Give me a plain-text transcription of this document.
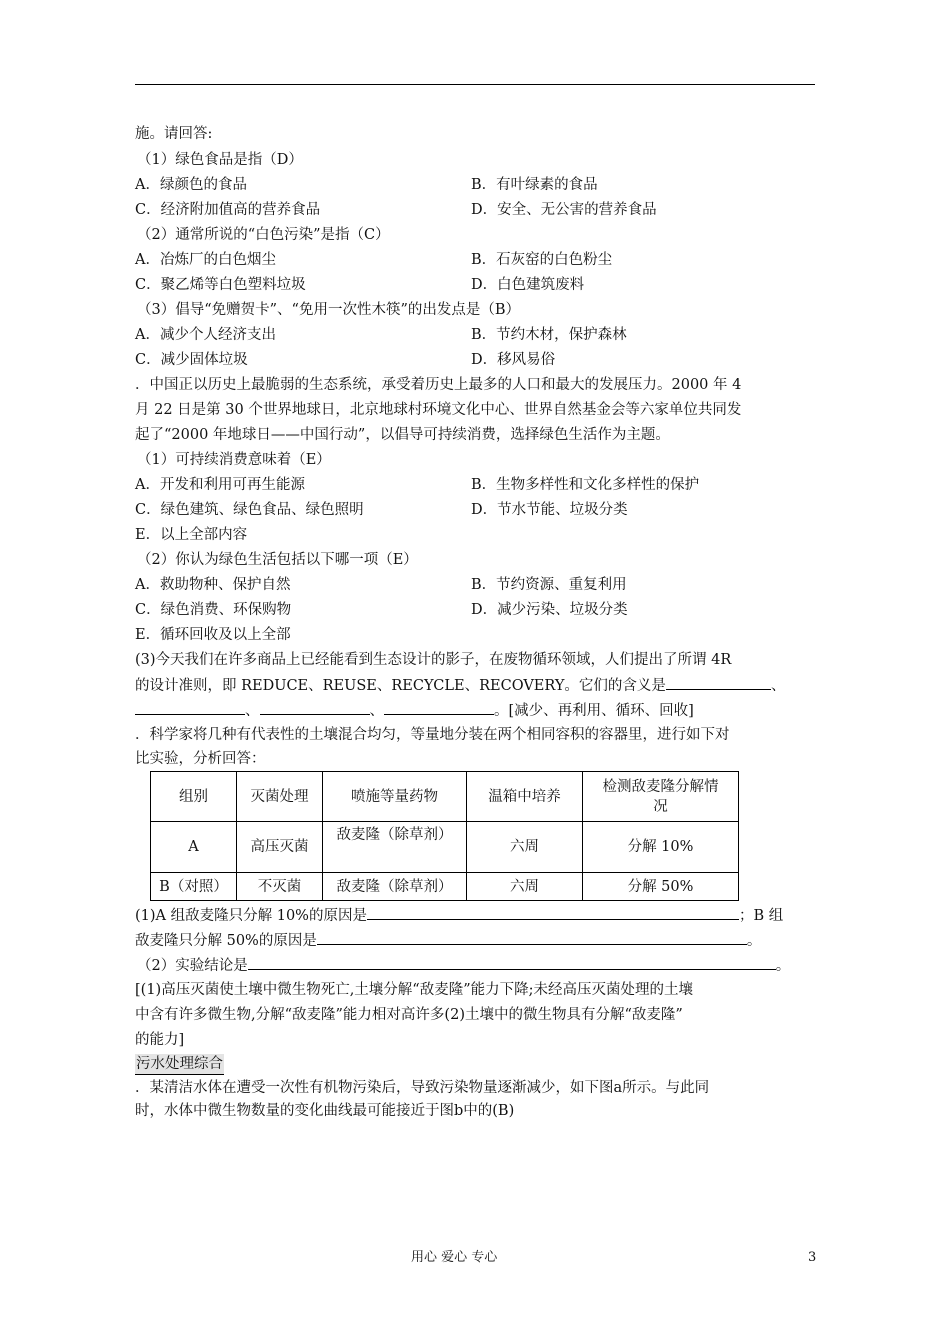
施。请回答:
（1）绿色食品是指（D）
A．绿颜色的食品	B．有叶绿素的食品
C．经济附加值高的营养食品	D．安全、无公害的营养食品
（2）通常所说的“白色污染”是指（C）
A．冶炼厂的白色烟尘	B．石灰窑的白色粉尘
C．聚乙烯等白色塑料垃圾	D．白色建筑废料
（3）倡导“免赠贺卡”、“免用一次性木筷”的出发点是（B）
A．减少个人经济支出	B．节约木材，保护森林
C．减少固体垃圾	D．移风易俗
．中国正以历史上最脆弱的生态系统，承受着历史上最多的人口和最大的发展压力。2000 年 4
月 22 日是第 30 个世界地球日，北京地球村环境文化中心、世界自然基金会等六家单位共同发
起了“2000 年地球日——中国行动”，以倡导可持续消费，选择绿色生活作为主题。
（1）可持续消费意味着（E）
A．开发和利用可再生能源	B．生物多样性和文化多样性的保护
C．绿色建筑、绿色食品、绿色照明	D．节水节能、垃圾分类
E．以上全部内容
（2）你认为绿色生活包括以下哪一项（E）
A．救助物种、保护自然	B．节约资源、重复利用
C．绿色消费、环保购物	D．减少污染、垃圾分类
E．循环回收及以上全部
(3)今天我们在许多商品上已经能看到生态设计的影子，在废物循环领域，人们提出了所谓 4R
的设计准则，即 REDUCE、REUSE、RECYCLE、RECOVERY。它们的含义是	、
、	、	。[减少、再利用、循环、回收]
．科学家将几种有代表性的土壤混合均匀，等量地分装在两个相同容积的容器里，进行如下对
比实验，分析回答：
组别	灭菌处理	喷施等量药物	温箱中培养	检测敌麦隆分解情
况
A	高压灭菌	敌麦隆（除草剂）	六周	分解 10%
B（对照）	不灭菌	敌麦隆（除草剂）	六周	分解 50%
(1)A 组敌麦隆只分解 10%的原因是	；B 组
敌麦隆只分解 50%的原因是	。
（2）实验结论是	。
[(1)高压灭菌使土壤中微生物死亡,土壤分解“敌麦隆”能力下降;未经高压灭菌处理的土壤
中含有许多微生物,分解“敌麦隆”能力相对高许多(2)土壤中的微生物具有分解“敌麦隆”
的能力]
污水处理综合
．某清洁水体在遭受一次性有机物污染后，导致污染物量逐渐减少，如下图a所示。与此同
时，水体中微生物数量的变化曲线最可能接近于图b中的(B)
用心 爱心 专心	3
